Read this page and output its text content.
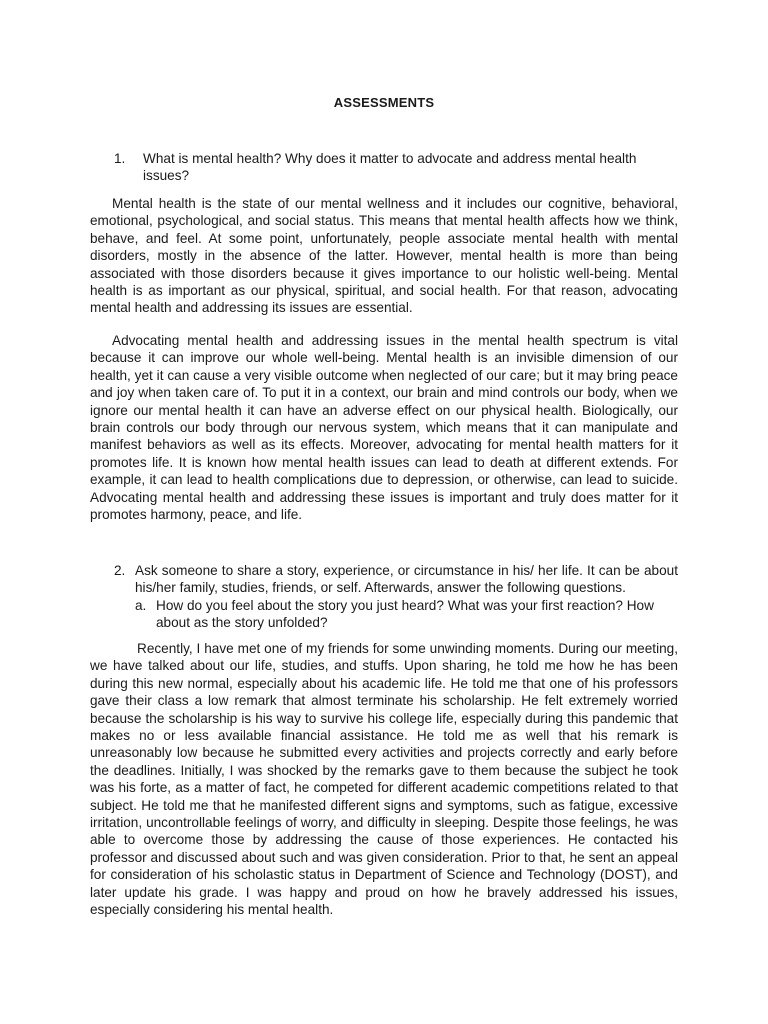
ASSESSMENTS
1.	What is mental health? Why does it matter to advocate and address mental health issues?
Mental health is the state of our mental wellness and it includes our cognitive, behavioral, emotional, psychological, and social status. This means that mental health affects how we think, behave, and feel. At some point, unfortunately, people associate mental health with mental disorders, mostly in the absence of the latter. However, mental health is more than being associated with those disorders because it gives importance to our holistic well-being. Mental health is as important as our physical, spiritual, and social health. For that reason, advocating mental health and addressing its issues are essential.
Advocating mental health and addressing issues in the mental health spectrum is vital because it can improve our whole well-being. Mental health is an invisible dimension of our health, yet it can cause a very visible outcome when neglected of our care; but it may bring peace and joy when taken care of. To put it in a context, our brain and mind controls our body, when we ignore our mental health it can have an adverse effect on our physical health. Biologically, our brain controls our body through our nervous system, which means that it can manipulate and manifest behaviors as well as its effects. Moreover, advocating for mental health matters for it promotes life. It is known how mental health issues can lead to death at different extends. For example, it can lead to health complications due to depression, or otherwise, can lead to suicide. Advocating mental health and addressing these issues is important and truly does matter for it promotes harmony, peace, and life.
2. Ask someone to share a story, experience, or circumstance in his/ her life. It can be about his/her family, studies, friends, or self. Afterwards, answer the following questions.
a. How do you feel about the story you just heard? What was your first reaction? How about as the story unfolded?
Recently, I have met one of my friends for some unwinding moments. During our meeting, we have talked about our life, studies, and stuffs. Upon sharing, he told me how he has been during this new normal, especially about his academic life. He told me that one of his professors gave their class a low remark that almost terminate his scholarship. He felt extremely worried because the scholarship is his way to survive his college life, especially during this pandemic that makes no or less available financial assistance. He told me as well that his remark is unreasonably low because he submitted every activities and projects correctly and early before the deadlines. Initially, I was shocked by the remarks gave to them because the subject he took was his forte, as a matter of fact, he competed for different academic competitions related to that subject. He told me that he manifested different signs and symptoms, such as fatigue, excessive irritation, uncontrollable feelings of worry, and difficulty in sleeping. Despite those feelings, he was able to overcome those by addressing the cause of those experiences. He contacted his professor and discussed about such and was given consideration. Prior to that, he sent an appeal for consideration of his scholastic status in Department of Science and Technology (DOST), and later update his grade. I was happy and proud on how he bravely addressed his issues, especially considering his mental health.
